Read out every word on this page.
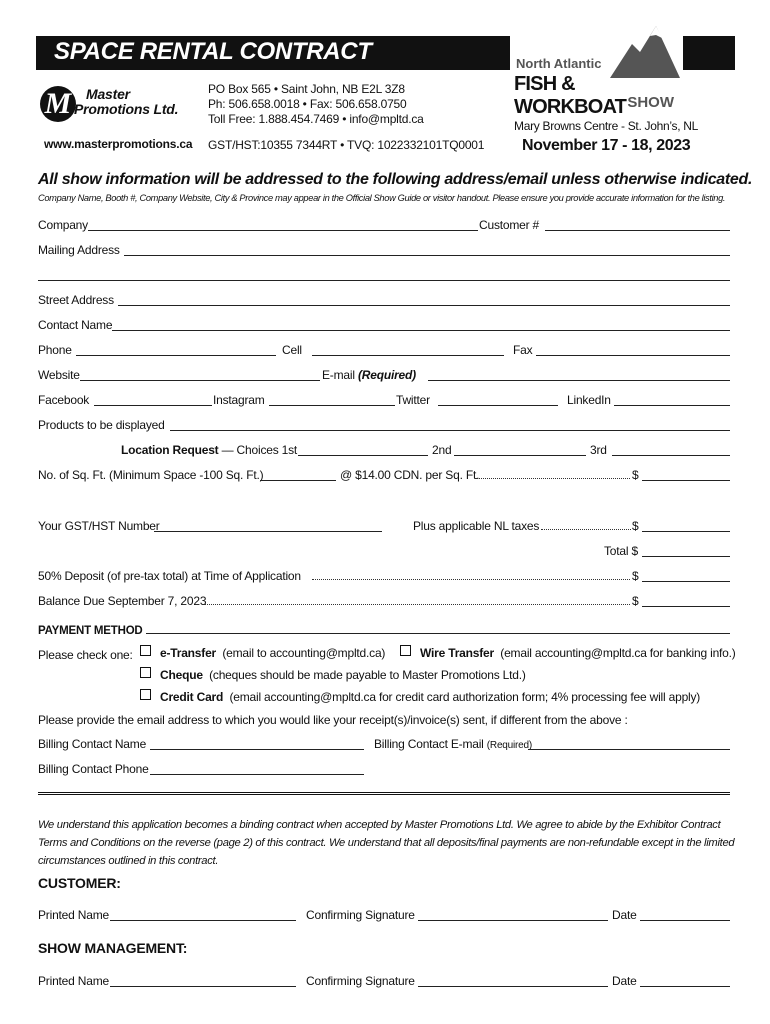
SPACE RENTAL CONTRACT
M	Master
Promotions Ltd.
www.masterpromotions.ca
PO Box 565 • Saint John, NB E2L 3Z8
Ph: 506.658.0018 • Fax: 506.658.0750
Toll Free: 1.888.454.7469 • info@mpltd.ca
GST/HST:10355 7344RT • TVQ: 1022332101TQ0001
North Atlantic
FISH & WORKBOAT SHOW
Mary Browns Centre - St. John’s, NL
November 17 - 18, 2023
All show information will be addressed to the following address/email unless otherwise indicated.
Company Name, Booth #, Company Website, City & Province may appear in the Official Show Guide or visitor handout. Please ensure you provide accurate information for the listing.
Company	Customer #
Mailing Address
Street Address
Contact Name
Phone	Cell	Fax
Website	E-mail (Required)
Facebook	Instagram	Twitter	LinkedIn
Products to be displayed
Location Request — Choices 1st	2nd	3rd
No. of Sq. Ft. (Minimum Space -100 Sq. Ft.)	@ $14.00 CDN. per Sq. Ft.	$
Your GST/HST Number	Plus applicable NL taxes	$
Total $
50% Deposit (of pre-tax total) at Time of Application	$
Balance Due September 7, 2023	$
PAYMENT METHOD
Please check one: e-Transfer (email to accounting@mpltd.ca)	Wire Transfer (email accounting@mpltd.ca for banking info.)
Cheque (cheques should be made payable to Master Promotions Ltd.)
Credit Card (email accounting@mpltd.ca for credit card authorization form; 4% processing fee will apply)
Please provide the email address to which you would like your receipt(s)/invoice(s) sent, if different from the above :
Billing Contact Name	Billing Contact E-mail (Required)
Billing Contact Phone
We understand this application becomes a binding contract when accepted by Master Promotions Ltd. We agree to abide by the Exhibitor Contract Terms and Conditions on the reverse (page 2) of this contract. We understand that all deposits/final payments are non-refundable except in the limited circumstances outlined in this contract.
CUSTOMER:
Printed Name	Confirming Signature	Date
SHOW MANAGEMENT:
Printed Name	Confirming Signature	Date
